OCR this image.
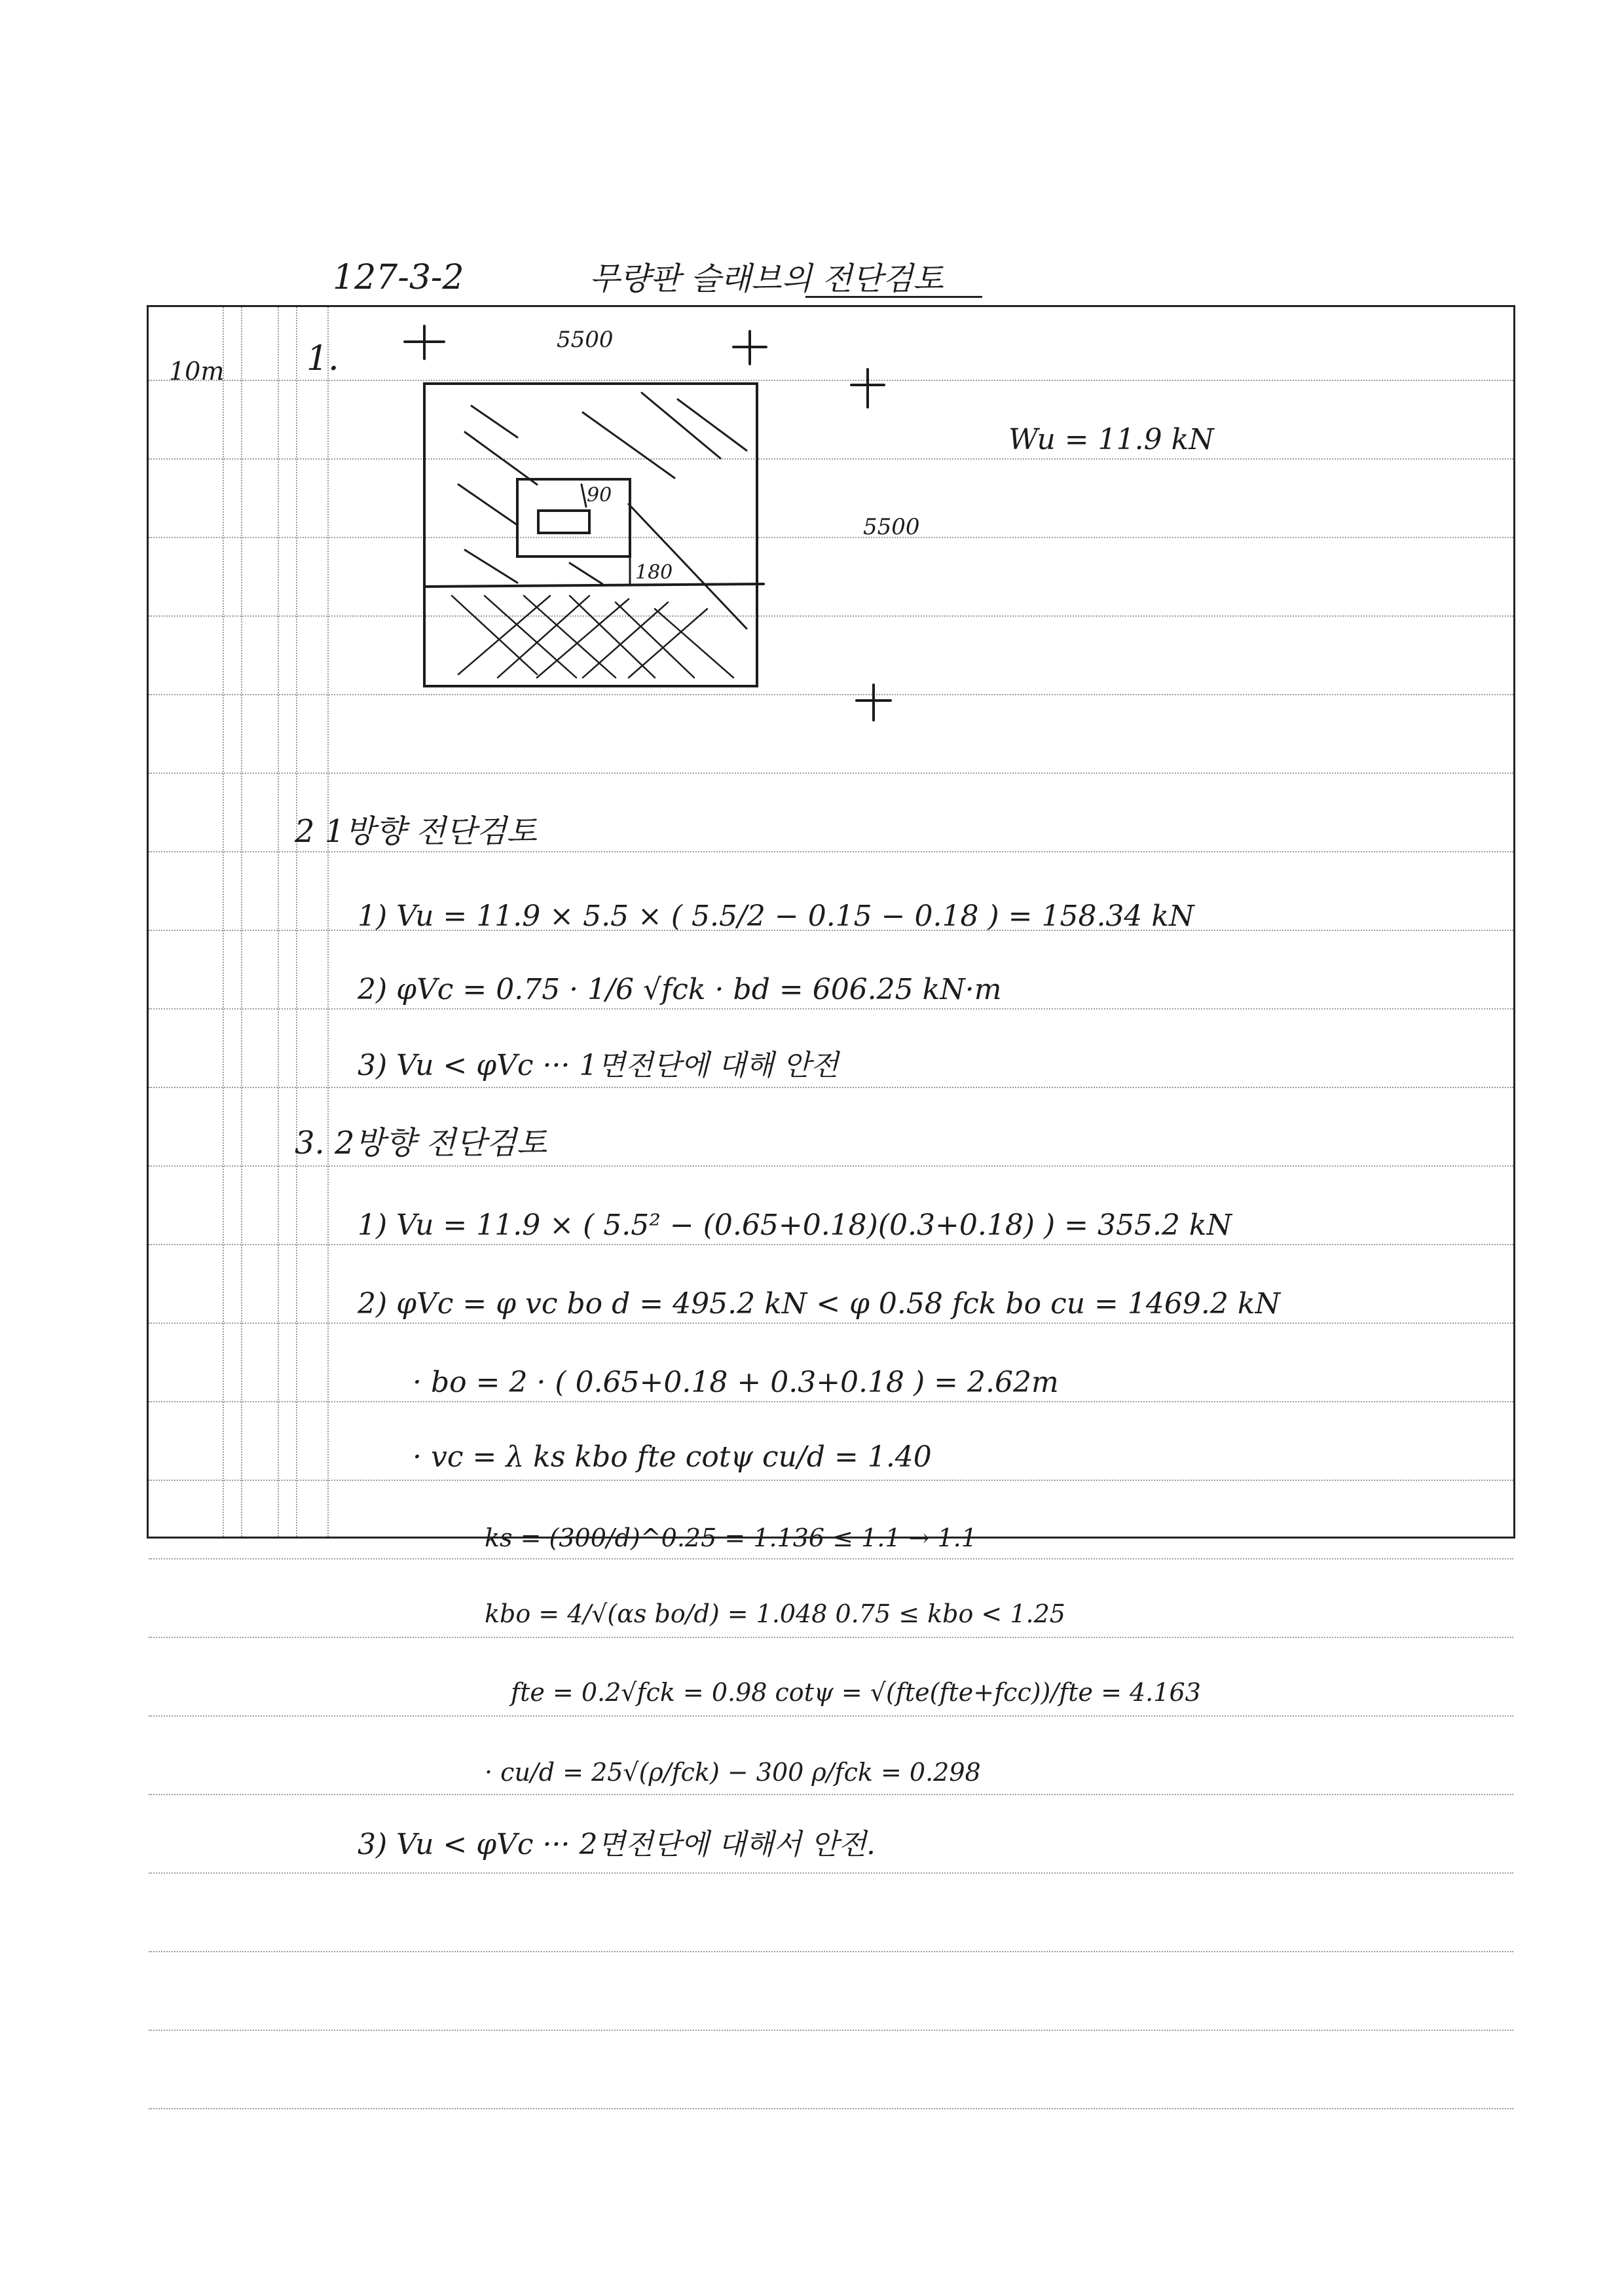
127-3-2	무량판 슬래브의 전단검토
10m 1.	5500
5500
Wu = 11.9 kN
90
180
2 1방향 전단검토
1) Vu = 11.9 × 5.5 × ( 5.5/2 − 0.15 − 0.18 ) = 158.34 kN
2) φVc = 0.75 · 1/6 √fck · bd = 606.25 kN·m
3) Vu < φVc ··· 1면전단에 대해 안전
3. 2방향 전단검토
1) Vu = 11.9 × ( 5.5² − (0.65+0.18)(0.3+0.18) ) = 355.2 kN
2) φVc = φ vc bo d = 495.2 kN < φ 0.58 fck bo cu = 1469.2 kN
· bo = 2 · ( 0.65+0.18 + 0.3+0.18 ) = 2.62m
· vc = λ ks kbo fte cotψ cu/d = 1.40
ks = (300/d)^0.25 = 1.136 ≤ 1.1 → 1.1
kbo = 4/√(αs bo/d) = 1.048 0.75 ≤ kbo < 1.25
fte = 0.2√fck = 0.98 cotψ = √(fte(fte+fcc))/fte = 4.163
· cu/d = 25√(ρ/fck) − 300 ρ/fck = 0.298
3) Vu < φVc ··· 2면전단에 대해서 안전.
